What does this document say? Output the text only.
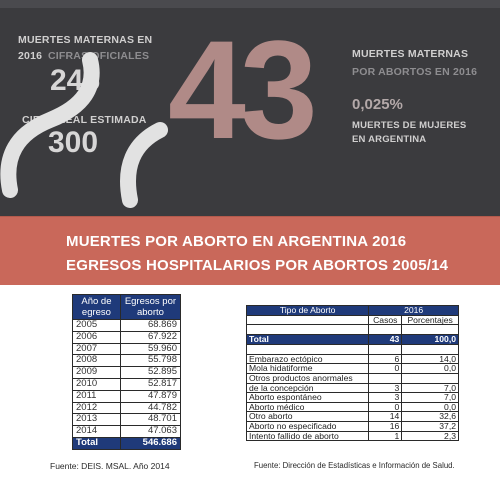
MUERTES MATERNAS EN
2016 CIFRAS OFICIALES
245
CIFRA REAL ESTIMADA
300 43	MUERTES MATERNAS
POR ABORTOS EN 2016
0,025%
MUERTES DE MUJERES
EN ARGENTINA
MUERTES POR ABORTO EN ARGENTINA 2016
EGRESOS HOSPITALARIOS POR ABORTOS 2005/14
Año de egreso	Egresos por aborto
2005	68.869
2006	67.922
2007	59.960
2008	55.798
2009	52.895
2010	52.817
2011	47.879
2012	44.782
2013	48.701
2014	47.063
Total	546.686
Fuente: DEIS. MSAL. Año 2014
Tipo de Aborto	2016	
	Casos	Porcentajes

Total	43	100,0

Embarazo ectópico	6	14,0
Mola hidatiforme	0	0,0
Otros productos anormales		
de la concepción	3	7,0
Aborto espontáneo	3	7,0
Aborto médico	0	0,0
Otro aborto	14	32,6
Aborto no especificado	16	37,2
Intento fallido de aborto	1	2,3
Fuente: Dirección de Estadísticas e Información de Salud.
